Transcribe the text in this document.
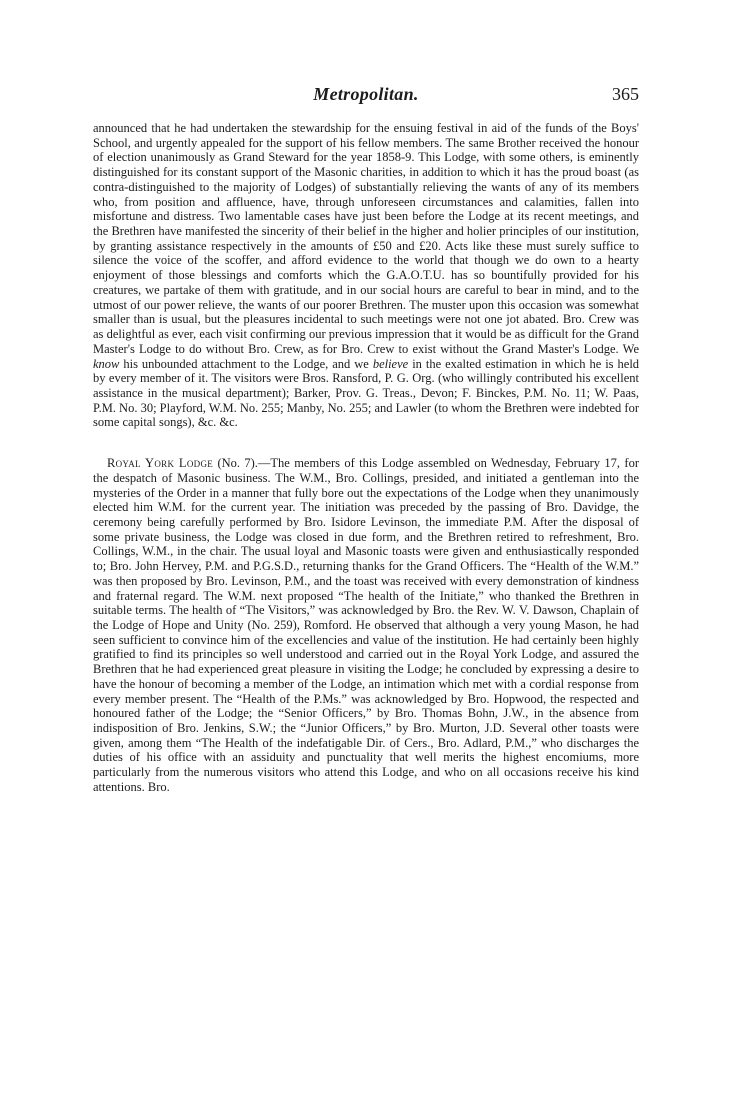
Metropolitan.	365

announced that he had undertaken the stewardship for the ensuing festival in aid of the funds of the Boys' School, and urgently appealed for the support of his fellow members. The same Brother received the honour of election unanimously as Grand Steward for the year 1858-9. This Lodge, with some others, is eminently distinguished for its constant support of the Masonic charities, in addition to which it has the proud boast (as contra-distinguished to the majority of Lodges) of substantially relieving the wants of any of its members who, from position and affluence, have, through unforeseen circumstances and calamities, fallen into misfortune and distress. Two lamentable cases have just been before the Lodge at its recent meetings, and the Brethren have manifested the sincerity of their belief in the higher and holier principles of our institution, by granting assistance respectively in the amounts of £50 and £20. Acts like these must surely suffice to silence the voice of the scoffer, and afford evidence to the world that though we do own to a hearty enjoyment of those blessings and comforts which the G.A.O.T.U. has so bountifully provided for his creatures, we partake of them with gratitude, and in our social hours are careful to bear in mind, and to the utmost of our power relieve, the wants of our poorer Brethren. The muster upon this occasion was somewhat smaller than is usual, but the pleasures incidental to such meetings were not one jot abated. Bro. Crew was as delightful as ever, each visit confirming our previous impression that it would be as difficult for the Grand Master's Lodge to do without Bro. Crew, as for Bro. Crew to exist without the Grand Master's Lodge. We know his unbounded attachment to the Lodge, and we believe in the exalted estimation in which he is held by every member of it. The visitors were Bros. Ransford, P. G. Org. (who willingly contributed his excellent assistance in the musical department); Barker, Prov. G. Treas., Devon; F. Binckes, P.M. No. 11; W. Paas, P.M. No. 30; Playford, W.M. No. 255; Manby, No. 255; and Lawler (to whom the Brethren were indebted for some capital songs), &c. &c.

Royal York Lodge (No. 7).—The members of this Lodge assembled on Wednesday, February 17, for the despatch of Masonic business. The W.M., Bro. Collings, presided, and initiated a gentleman into the mysteries of the Order in a manner that fully bore out the expectations of the Lodge when they unanimously elected him W.M. for the current year. The initiation was preceded by the passing of Bro. Davidge, the ceremony being carefully performed by Bro. Isidore Levinson, the immediate P.M. After the disposal of some private business, the Lodge was closed in due form, and the Brethren retired to refreshment, Bro. Collings, W.M., in the chair. The usual loyal and Masonic toasts were given and enthusiastically responded to; Bro. John Hervey, P.M. and P.G.S.D., returning thanks for the Grand Officers. The “Health of the W.M.” was then proposed by Bro. Levinson, P.M., and the toast was received with every demonstration of kindness and fraternal regard. The W.M. next proposed “The health of the Initiate,” who thanked the Brethren in suitable terms. The health of “The Visitors,” was acknowledged by Bro. the Rev. W. V. Dawson, Chaplain of the Lodge of Hope and Unity (No. 259), Romford. He observed that although a very young Mason, he had seen sufficient to convince him of the excellencies and value of the institution. He had certainly been highly gratified to find its principles so well understood and carried out in the Royal York Lodge, and assured the Brethren that he had experienced great pleasure in visiting the Lodge; he concluded by expressing a desire to have the honour of becoming a member of the Lodge, an intimation which met with a cordial response from every member present. The “Health of the P.Ms.” was acknowledged by Bro. Hopwood, the respected and honoured father of the Lodge; the “Senior Officers,” by Bro. Thomas Bohn, J.W., in the absence from indisposition of Bro. Jenkins, S.W.; the “Junior Officers,” by Bro. Murton, J.D. Several other toasts were given, among them “The Health of the indefatigable Dir. of Cers., Bro. Adlard, P.M.,” who discharges the duties of his office with an assiduity and punctuality that well merits the highest encomiums, more particularly from the numerous visitors who attend this Lodge, and who on all occasions receive his kind attentions. Bro.
